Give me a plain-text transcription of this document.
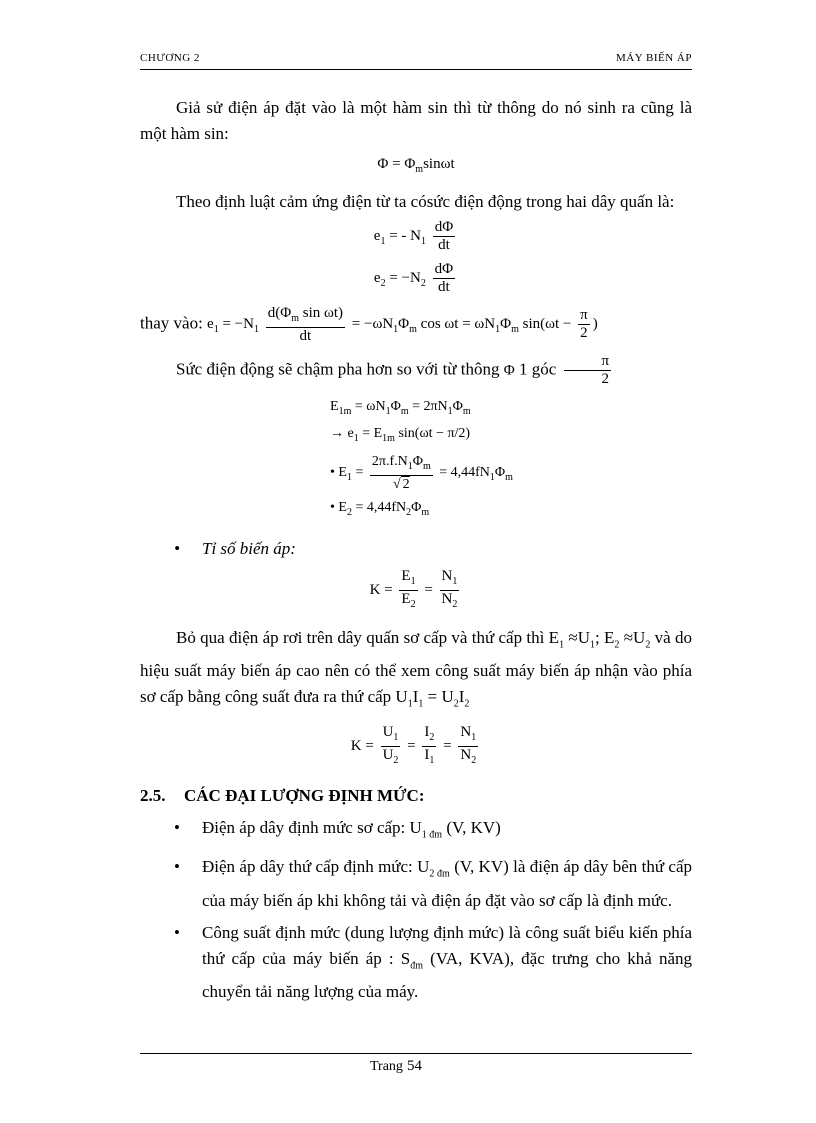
CHƯƠNG 2	MÁY BIẾN ÁP

Giả sử điện áp đặt vào là một hàm sin thì từ thông do nó sinh ra cũng là một hàm sin:

$\Phi = \Phi_m\sin\omega t$

Theo định luật cảm ứng điện từ ta cósức điện động trong hai dây quấn là:

$e_1$ = - $N_1 \frac{d\Phi}{dt}$
$e_2 = -N_2 \frac{d\Phi}{dt}$
thay vào: $e_1 = -N_1 \frac{d(\Phi_m \sin \omega t)}{dt} = -\omega N_1\Phi_m$ $\cos \omega t = \omega N_1\Phi_m$ $\sin(\omega t - \frac{\pi}{2}$ )

Sức điện động sẽ chậm pha hơn so với từ thông Φ 1 góc $\frac{\pi}{2}$

$E_{1m} = \omega N_1\Phi_m = 2\pi N_1\Phi_m$
→ $e_1 = E_{1m}$ sin(ωt − π/2)
• $E_1 = \frac{2\pi.f.N_1\Phi_m}{√ 2} = 4,44fN_1\Phi_m$
• $E_2 = 4,44fN_2\Phi_m$
• Tỉ số biến áp:
$K = \frac{E_1}{E_2} = \frac{N_1}{N_2}$

Bỏ qua điện áp rơi trên dây quấn sơ cấp và thứ cấp thì $E_1 \approx U_1$; $E_2 \approx U_2$ và do hiệu suất máy biến áp cao nên có thể xem công suất máy biến áp nhận vào phía sơ cấp bằng công suất đưa ra thứ cấp $U_1I_1 = U_2I_2$

$K = \frac{U_1}{U_2} = \frac{I_2}{I_1} = \frac{N_1}{N_2}$
2.5. CÁC ĐẠI LƯỢNG ĐỊNH MỨC:
• Điện áp dây định mức sơ cấp: $U_{1 đm}$ (V, KV)

• Điện áp dây thứ cấp định mức: $U_{2 đm}$ (V, KV) là điện áp dây bên thứ cấp của máy biến áp khi không tải và điện áp đặt vào sơ cấp là định mức.

• Công suất định mức (dung lượng định mức) là công suất biểu kiến phía thứ cấp của máy biến áp : $S_{đm}$ (VA, KVA), đặc trưng cho khả năng chuyển tải năng lượng của máy.

Trang 54
